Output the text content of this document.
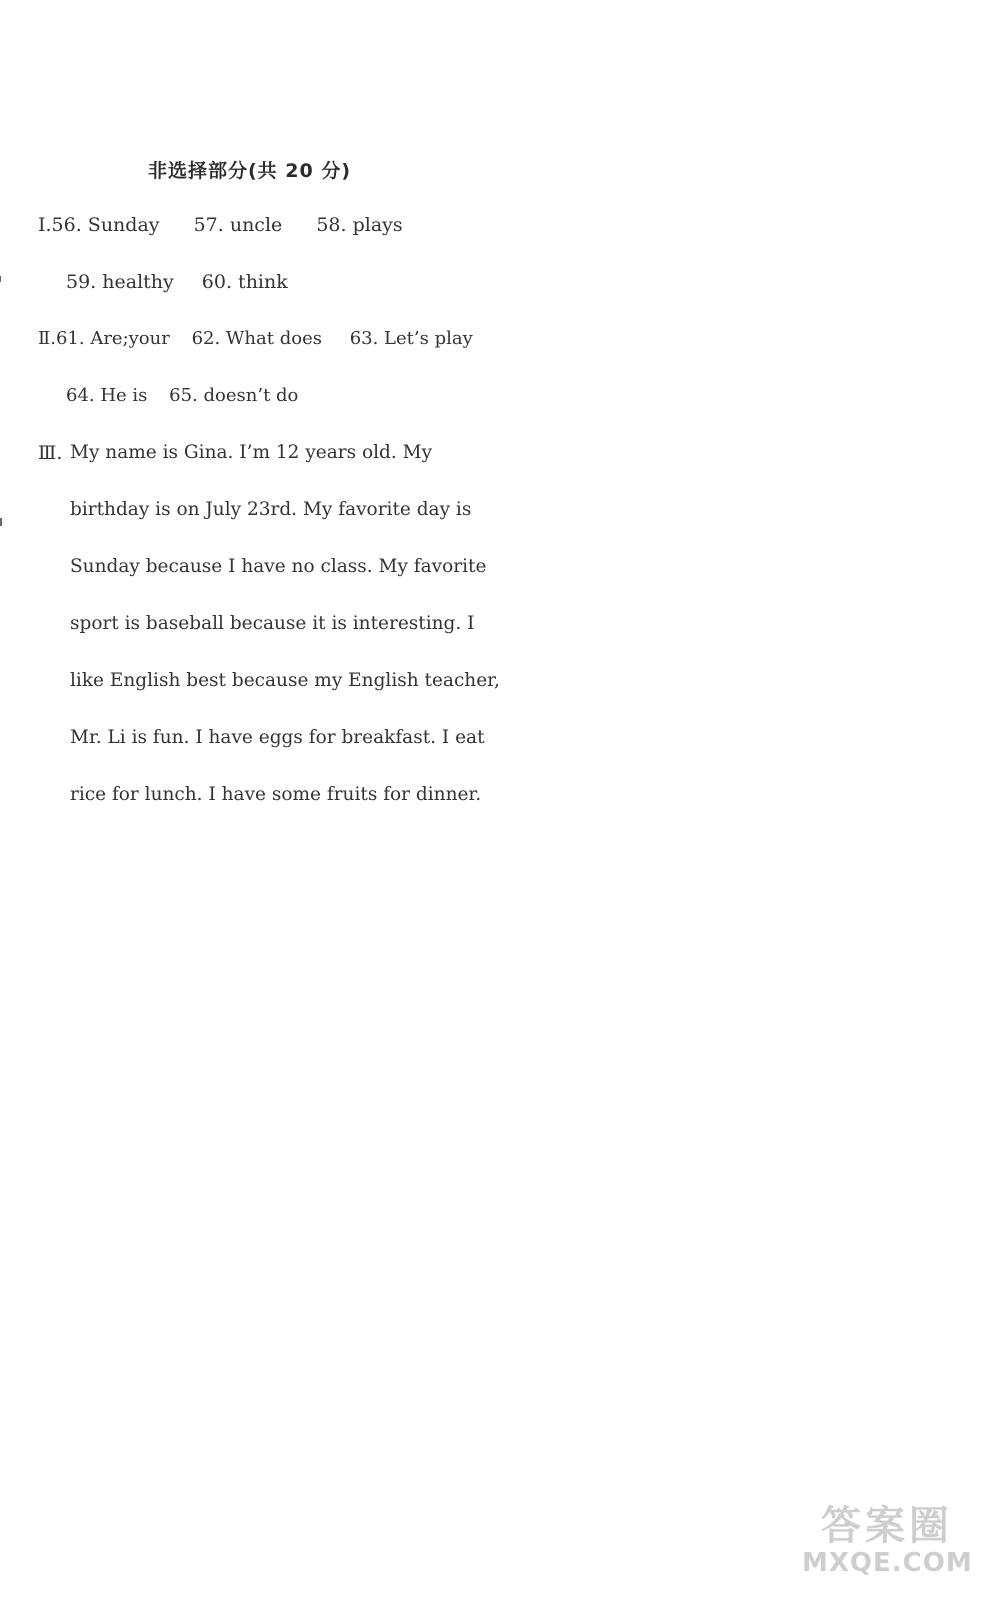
非选择部分(共 20 分)
Ⅰ.56. Sunday 57. uncle 58. plays
59. healthy 60. think
Ⅱ.61. Are;your 62. What does 63. Let’s play
64. He is 65. doesn’t do
Ⅲ. My name is Gina. I’m 12 years old. My
birthday is on July 23rd. My favorite day is
Sunday because I have no class. My favorite
sport is baseball because it is interesting. I
like English best because my English teacher,
Mr. Li is fun. I have eggs for breakfast. I eat
rice for lunch. I have some fruits for dinner.
答案圈
MXQE.COM
